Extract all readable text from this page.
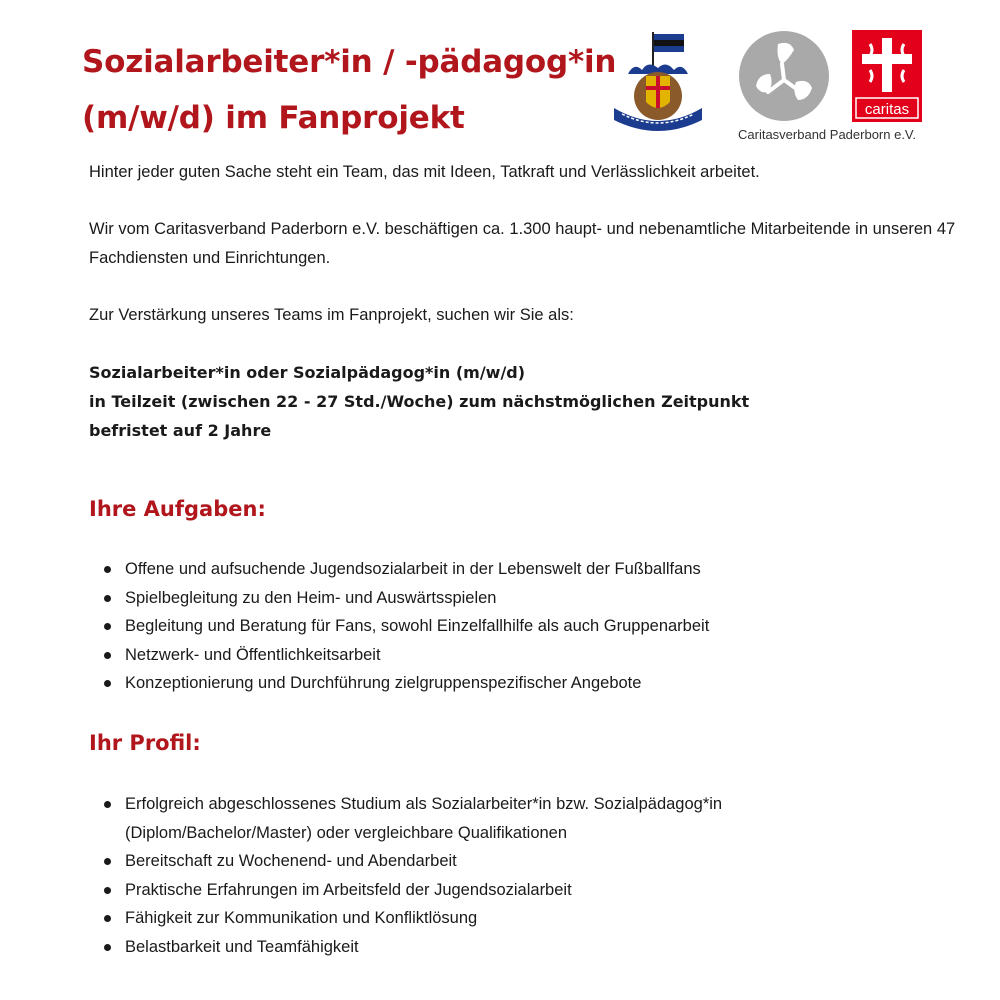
Sozialarbeiter*in / -pädagog*in
(m/w/d) im Fanprojekt	caritas
Caritasverband Paderborn e.V.

Hinter jeder guten Sache steht ein Team, das mit Ideen, Tatkraft und Verlässlichkeit arbeitet.

Wir vom Caritasverband Paderborn e.V. beschäftigen ca. 1.300 haupt- und nebenamtliche Mitarbeitende in unseren 47 Fachdiensten und Einrichtungen.

Zur Verstärkung unseres Teams im Fanprojekt, suchen wir Sie als:

Sozialarbeiter*in oder Sozialpädagog*in (m/w/d)
in Teilzeit (zwischen 22 - 27 Std./Woche) zum nächstmöglichen Zeitpunkt
befristet auf 2 Jahre
Ihre Aufgaben:
Offene und aufsuchende Jugendsozialarbeit in der Lebenswelt der Fußballfans
Spielbegleitung zu den Heim- und Auswärtsspielen
Begleitung und Beratung für Fans, sowohl Einzelfallhilfe als auch Gruppenarbeit
Netzwerk- und Öffentlichkeitsarbeit
Konzeptionierung und Durchführung zielgruppenspezifischer Angebote
Ihr Profil:
Erfolgreich abgeschlossenes Studium als Sozialarbeiter*in bzw. Sozialpädagog*in
(Diplom/Bachelor/Master) oder vergleichbare Qualifikationen
Bereitschaft zu Wochenend- und Abendarbeit
Praktische Erfahrungen im Arbeitsfeld der Jugendsozialarbeit
Fähigkeit zur Kommunikation und Konfliktlösung
Belastbarkeit und Teamfähigkeit
